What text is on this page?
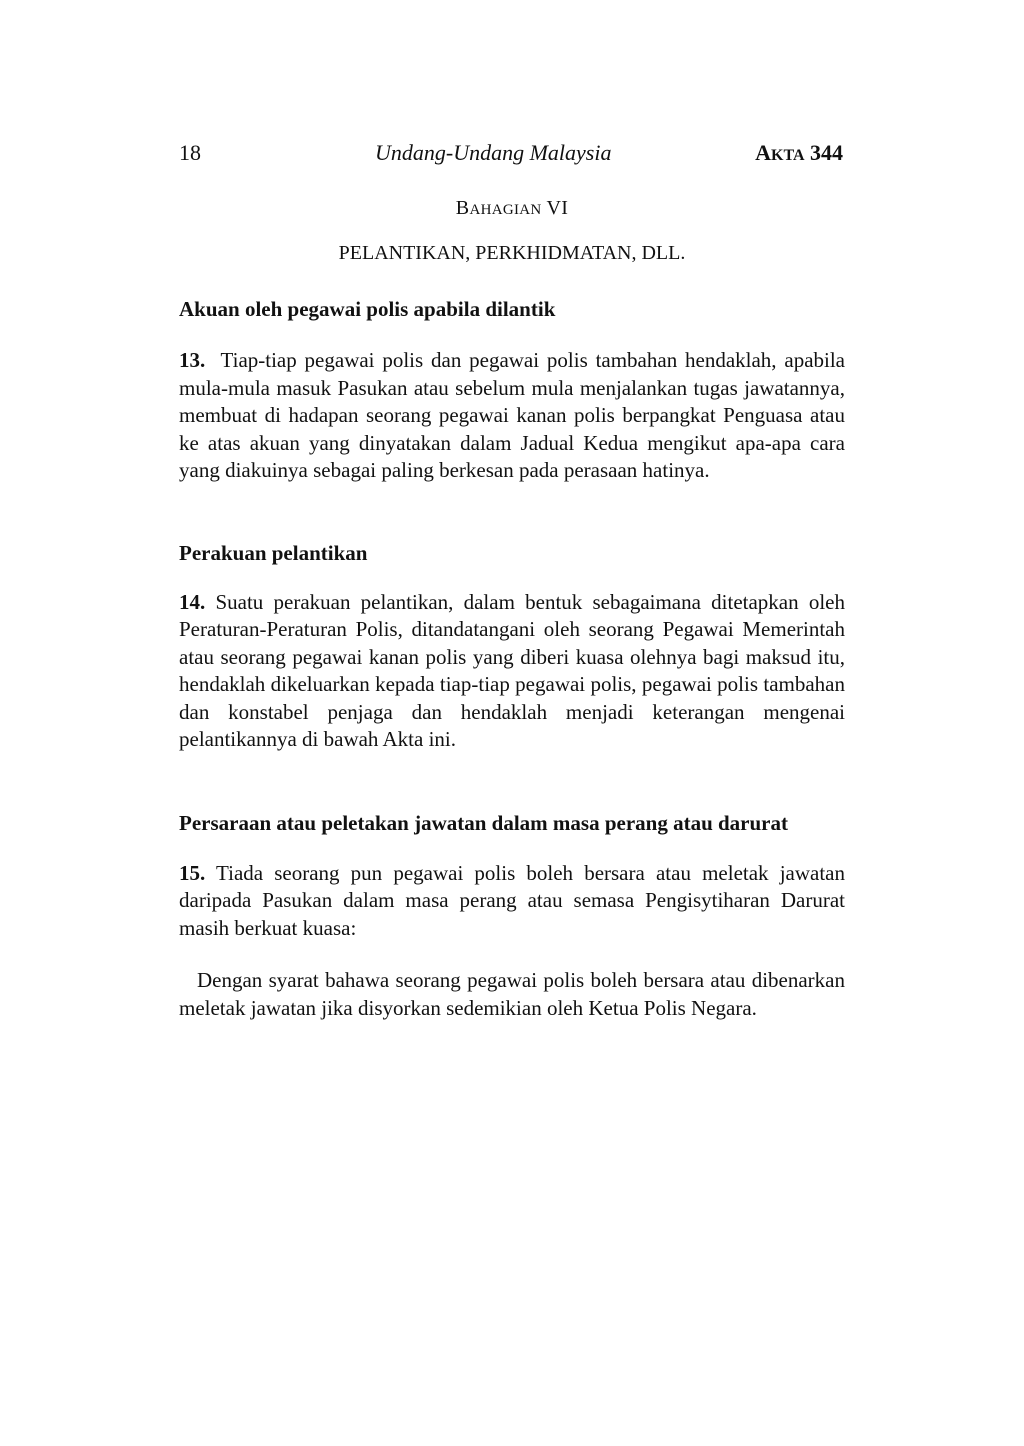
18	Undang-Undang Malaysia	AKTA 344
BAHAGIAN VI
PELANTIKAN, PERKHIDMATAN, DLL.
Akuan oleh pegawai polis apabila dilantik
13. Tiap-tiap pegawai polis dan pegawai polis tambahan hendaklah, apabila mula-mula masuk Pasukan atau sebelum mula menjalankan tugas jawatannya, membuat di hadapan seorang pegawai kanan polis berpangkat Penguasa atau ke atas akuan yang dinyatakan dalam Jadual Kedua mengikut apa-apa cara yang diakuinya sebagai paling berkesan pada perasaan hatinya.
Perakuan pelantikan
14. Suatu perakuan pelantikan, dalam bentuk sebagaimana ditetapkan oleh Peraturan-Peraturan Polis, ditandatangani oleh seorang Pegawai Memerintah atau seorang pegawai kanan polis yang diberi kuasa olehnya bagi maksud itu, hendaklah dikeluarkan kepada tiap-tiap pegawai polis, pegawai polis tambahan dan konstabel penjaga dan hendaklah menjadi keterangan mengenai pelantikannya di bawah Akta ini.
Persaraan atau peletakan jawatan dalam masa perang atau darurat
15. Tiada seorang pun pegawai polis boleh bersara atau meletak jawatan daripada Pasukan dalam masa perang atau semasa Pengisytiharan Darurat masih berkuat kuasa:
Dengan syarat bahawa seorang pegawai polis boleh bersara atau dibenarkan meletak jawatan jika disyorkan sedemikian oleh Ketua Polis Negara.
